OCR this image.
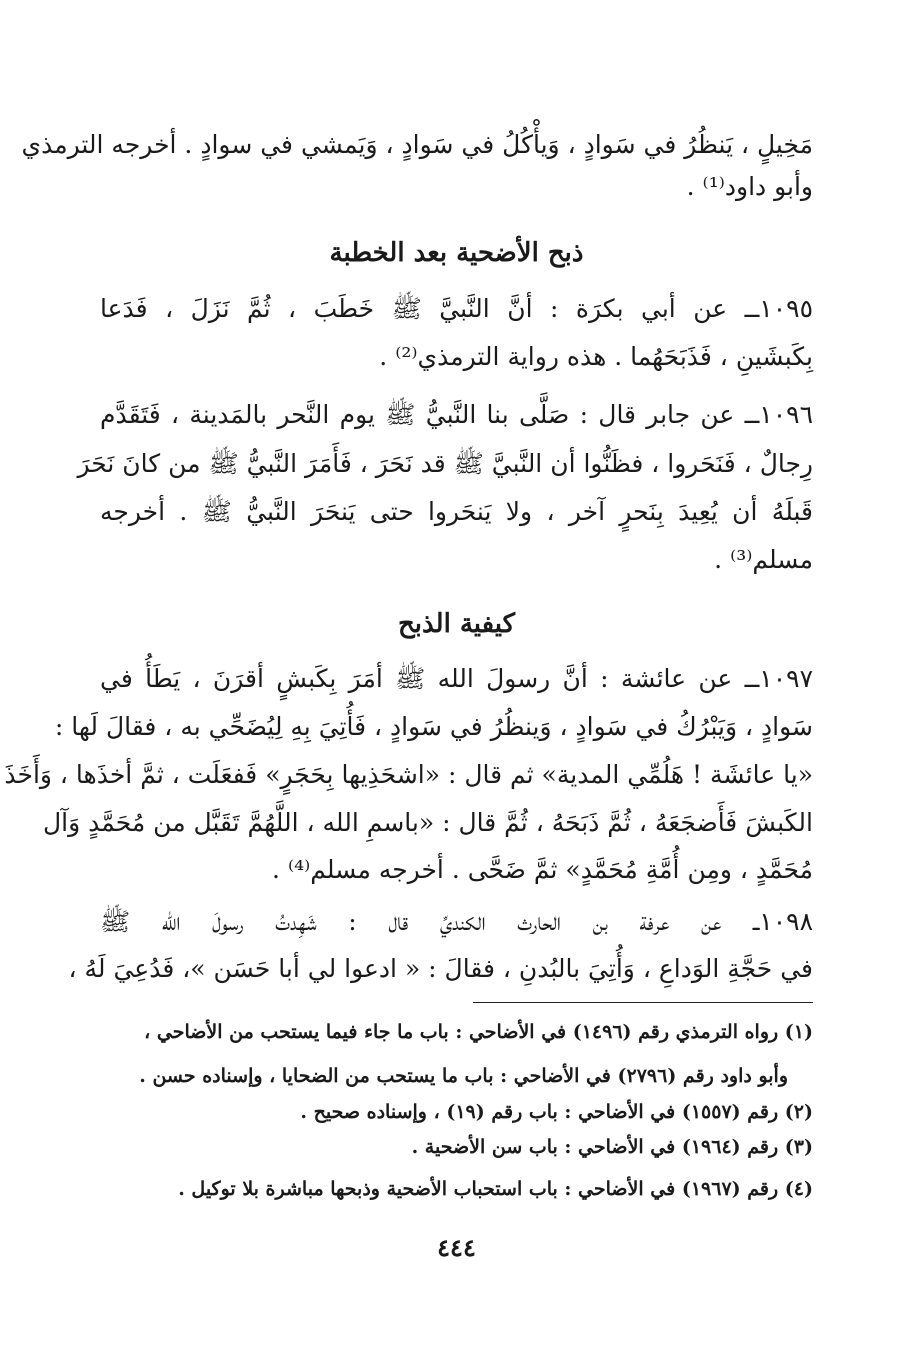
مَخِيلٍ ، يَنظُرُ في سَوادٍ ، وَيأْكُلُ في سَوادٍ ، وَيَمشي في سوادٍ . أخرجه الترمذي
وأبو داود⁽¹⁾ .
ذبح الأضحية بعد الخطبة
١٠٩٥ــ عن أبي بكرَة : أنَّ النَّبيَّ ﷺ خَطَبَ ، ثُمَّ نَزَلَ ، فَدَعا
بِكَبشَينِ ، فَذَبَحَهُما . هذه رواية الترمذي⁽²⁾ .
١٠٩٦ــ عن جابر قال : صَلَّى بنا النَّبيُّ ﷺ يوم النَّحر بالمَدينة ، فَتَقَدَّم
رِجالٌ ، فَنَحَروا ، فظَنُّوا أن النَّبيَّ ﷺ قد نَحَرَ ، فَأَمَرَ النَّبيُّ ﷺ من كانَ نَحَرَ
قَبلَهُ أن يُعِيدَ بِنَحرٍ آخر ، ولا يَنحَروا حتى يَنحَرَ النَّبيُّ ﷺ . أخرجه
مسلم⁽³⁾ .
كيفية الذبح
١٠٩٧ــ عن عائشة : أنَّ رسولَ الله ﷺ أمَرَ بِكَبشٍ أقرَنَ ، يَطَأُ في
سَوادٍ ، وَيَبْرُكُ في سَوادٍ ، وَينظُرُ في سَوادٍ ، فَأُتِيَ بِهِ لِيُضَحِّي به ، فقالَ لَها :
«يا عائشَة ! هَلُمِّي المدية» ثم قال : «اشحَذِيها بِحَجَرٍ» فَفعَلَت ، ثمَّ أخذَها ، وَأَخَذَ
الكَبشَ فَأَضجَعَهُ ، ثُمَّ ذَبَحَهُ ، ثُمَّ قال : «باسمِ الله ، اللَّهُمَّ تَقَبَّل من مُحَمَّدٍ وَآل
مُحَمَّدٍ ، ومِن أُمَّةِ مُحَمَّدٍ» ثمَّ ضَحَّى . أخرجه مسلم⁽⁴⁾ .
١٠٩٨ــ عن عرفة بن الحارث الكنديِّ قال : شَهِدتُ رسولَ الله ﷺ
في حَجَّةِ الوَداعِ ، وَأُتِيَ بالبُدنِ ، فقالَ : « ادعوا لي أبا حَسَن »، فَدُعِيَ لَهُ ،
(١) رواه الترمذي رقم (١٤٩٦) في الأضاحي : باب ما جاء فيما يستحب من الأضاحي ،
وأبو داود رقم (٢٧٩٦) في الأضاحي : باب ما يستحب من الضحايا ، وإسناده حسن .
(٢) رقم (١٥٥٧) في الأضاحي : باب رقم (١٩) ، وإسناده صحيح .
(٣) رقم (١٩٦٤) في الأضاحي : باب سن الأضحية .
(٤) رقم (١٩٦٧) في الأضاحي : باب استحباب الأضحية وذبحها مباشرة بلا توكيل .
٤٤٤
